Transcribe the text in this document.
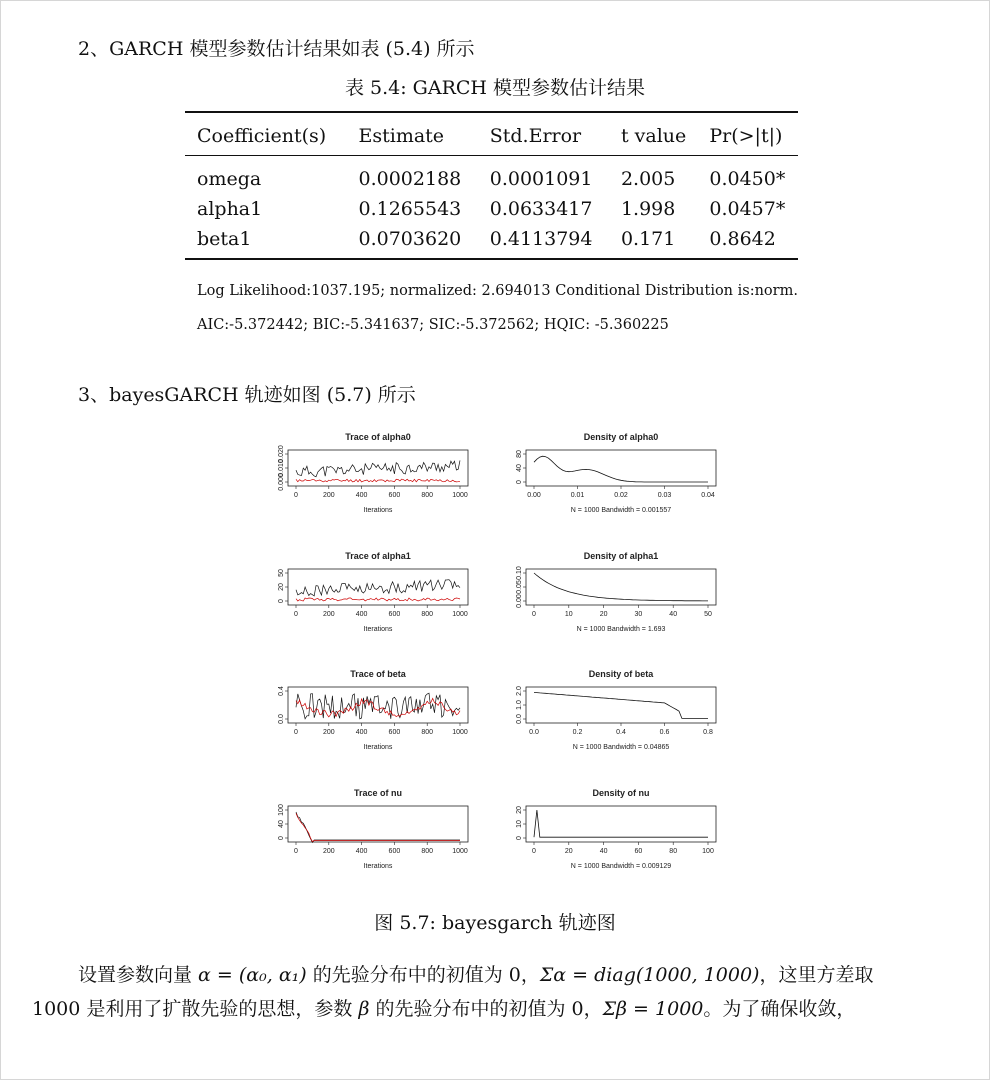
2、GARCH 模型参数估计结果如表 (5.4) 所示
表 5.4: GARCH 模型参数估计结果
Coefficient(s)	Estimate	Std.Error	t value	Pr(>|t|)
omega	0.0002188	0.0001091	2.005	0.0450*
alpha1	0.1265543	0.0633417	1.998	0.0457*
beta1	0.0703620	0.4113794	0.171	0.8642
Log Likelihood:1037.195; normalized: 2.694013 Conditional Distribution is:norm.
AIC:-5.372442; BIC:-5.341637; SIC:-5.372562; HQIC: -5.360225
3、bayesGARCH 轨迹如图 (5.7) 所示
Trace of alpha0
0	200	400	600	800	1000
0.000
0.010
0.020
Iterations
Density of alpha0
0.00	0.01	0.02	0.03	0.04
0
40
80
N = 1000 Bandwidth = 0.001557
Trace of alpha1
0	200	400	600	800	1000
0
20
50
Iterations
Density of alpha1
0	10	20	30	40	50
0.00
0.05
0.10
N = 1000 Bandwidth = 1.693
Trace of beta
0	200	400	600	800	1000
0.0
0.4
Iterations
Density of beta
0.0	0.2	0.4	0.6	0.8
0.0
1.0
2.0
N = 1000 Bandwidth = 0.04865
Trace of nu
0	200	400	600	800	1000
0
40
100
Iterations
Density of nu
0	20	40	60	80	100
0
10
20
N = 1000 Bandwidth = 0.009129
图 5.7: bayesgarch 轨迹图
设置参数向量 α = (α₀, α₁) 的先验分布中的初值为 0，Σα = diag(1000, 1000)，这里方差取
1000 是利用了扩散先验的思想，参数 β 的先验分布中的初值为 0，Σβ = 1000。为了确保收敛，
